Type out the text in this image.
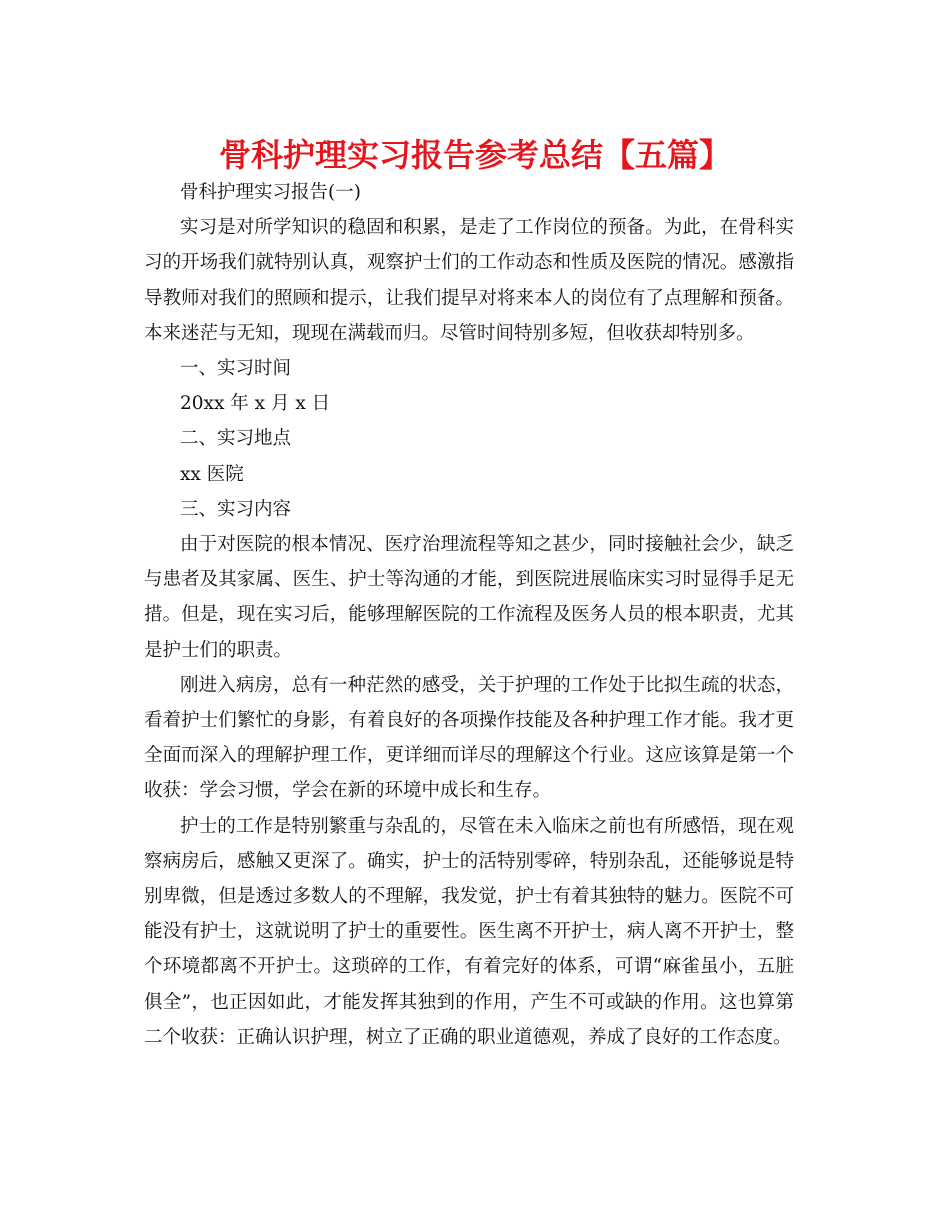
骨科护理实习报告参考总结【五篇】

骨科护理实习报告(一)

实习是对所学知识的稳固和积累，是走了工作岗位的预备。为此，在骨科实习的开场我们就特别认真，观察护士们的工作动态和性质及医院的情况。感激指导教师对我们的照顾和提示，让我们提早对将来本人的岗位有了点理解和预备。本来迷茫与无知，现现在满载而归。尽管时间特别多短，但收获却特别多。

一、实习时间

20xx 年 x 月 x 日

二、实习地点

xx 医院

三、实习内容

由于对医院的根本情况、医疗治理流程等知之甚少，同时接触社会少，缺乏与患者及其家属、医生、护士等沟通的才能，到医院进展临床实习时显得手足无措。但是，现在实习后，能够理解医院的工作流程及医务人员的根本职责，尤其是护士们的职责。

刚进入病房，总有一种茫然的感受，关于护理的工作处于比拟生疏的状态，看着护士们繁忙的身影，有着良好的各项操作技能及各种护理工作才能。我才更全面而深入的理解护理工作，更详细而详尽的理解这个行业。这应该算是第一个收获：学会习惯，学会在新的环境中成长和生存。

护士的工作是特别繁重与杂乱的，尽管在未入临床之前也有所感悟，现在观察病房后，感触又更深了。确实，护士的活特别零碎，特别杂乱，还能够说是特别卑微，但是透过多数人的不理解，我发觉，护士有着其独特的魅力。医院不可能没有护士，这就说明了护士的重要性。医生离不开护士，病人离不开护士，整个环境都离不开护士。这琐碎的工作，有着完好的体系，可谓“麻雀虽小，五脏俱全”，也正因如此，才能发挥其独到的作用，产生不可或缺的作用。这也算第二个收获：正确认识护理，树立了正确的职业道德观，养成了良好的工作态度。
